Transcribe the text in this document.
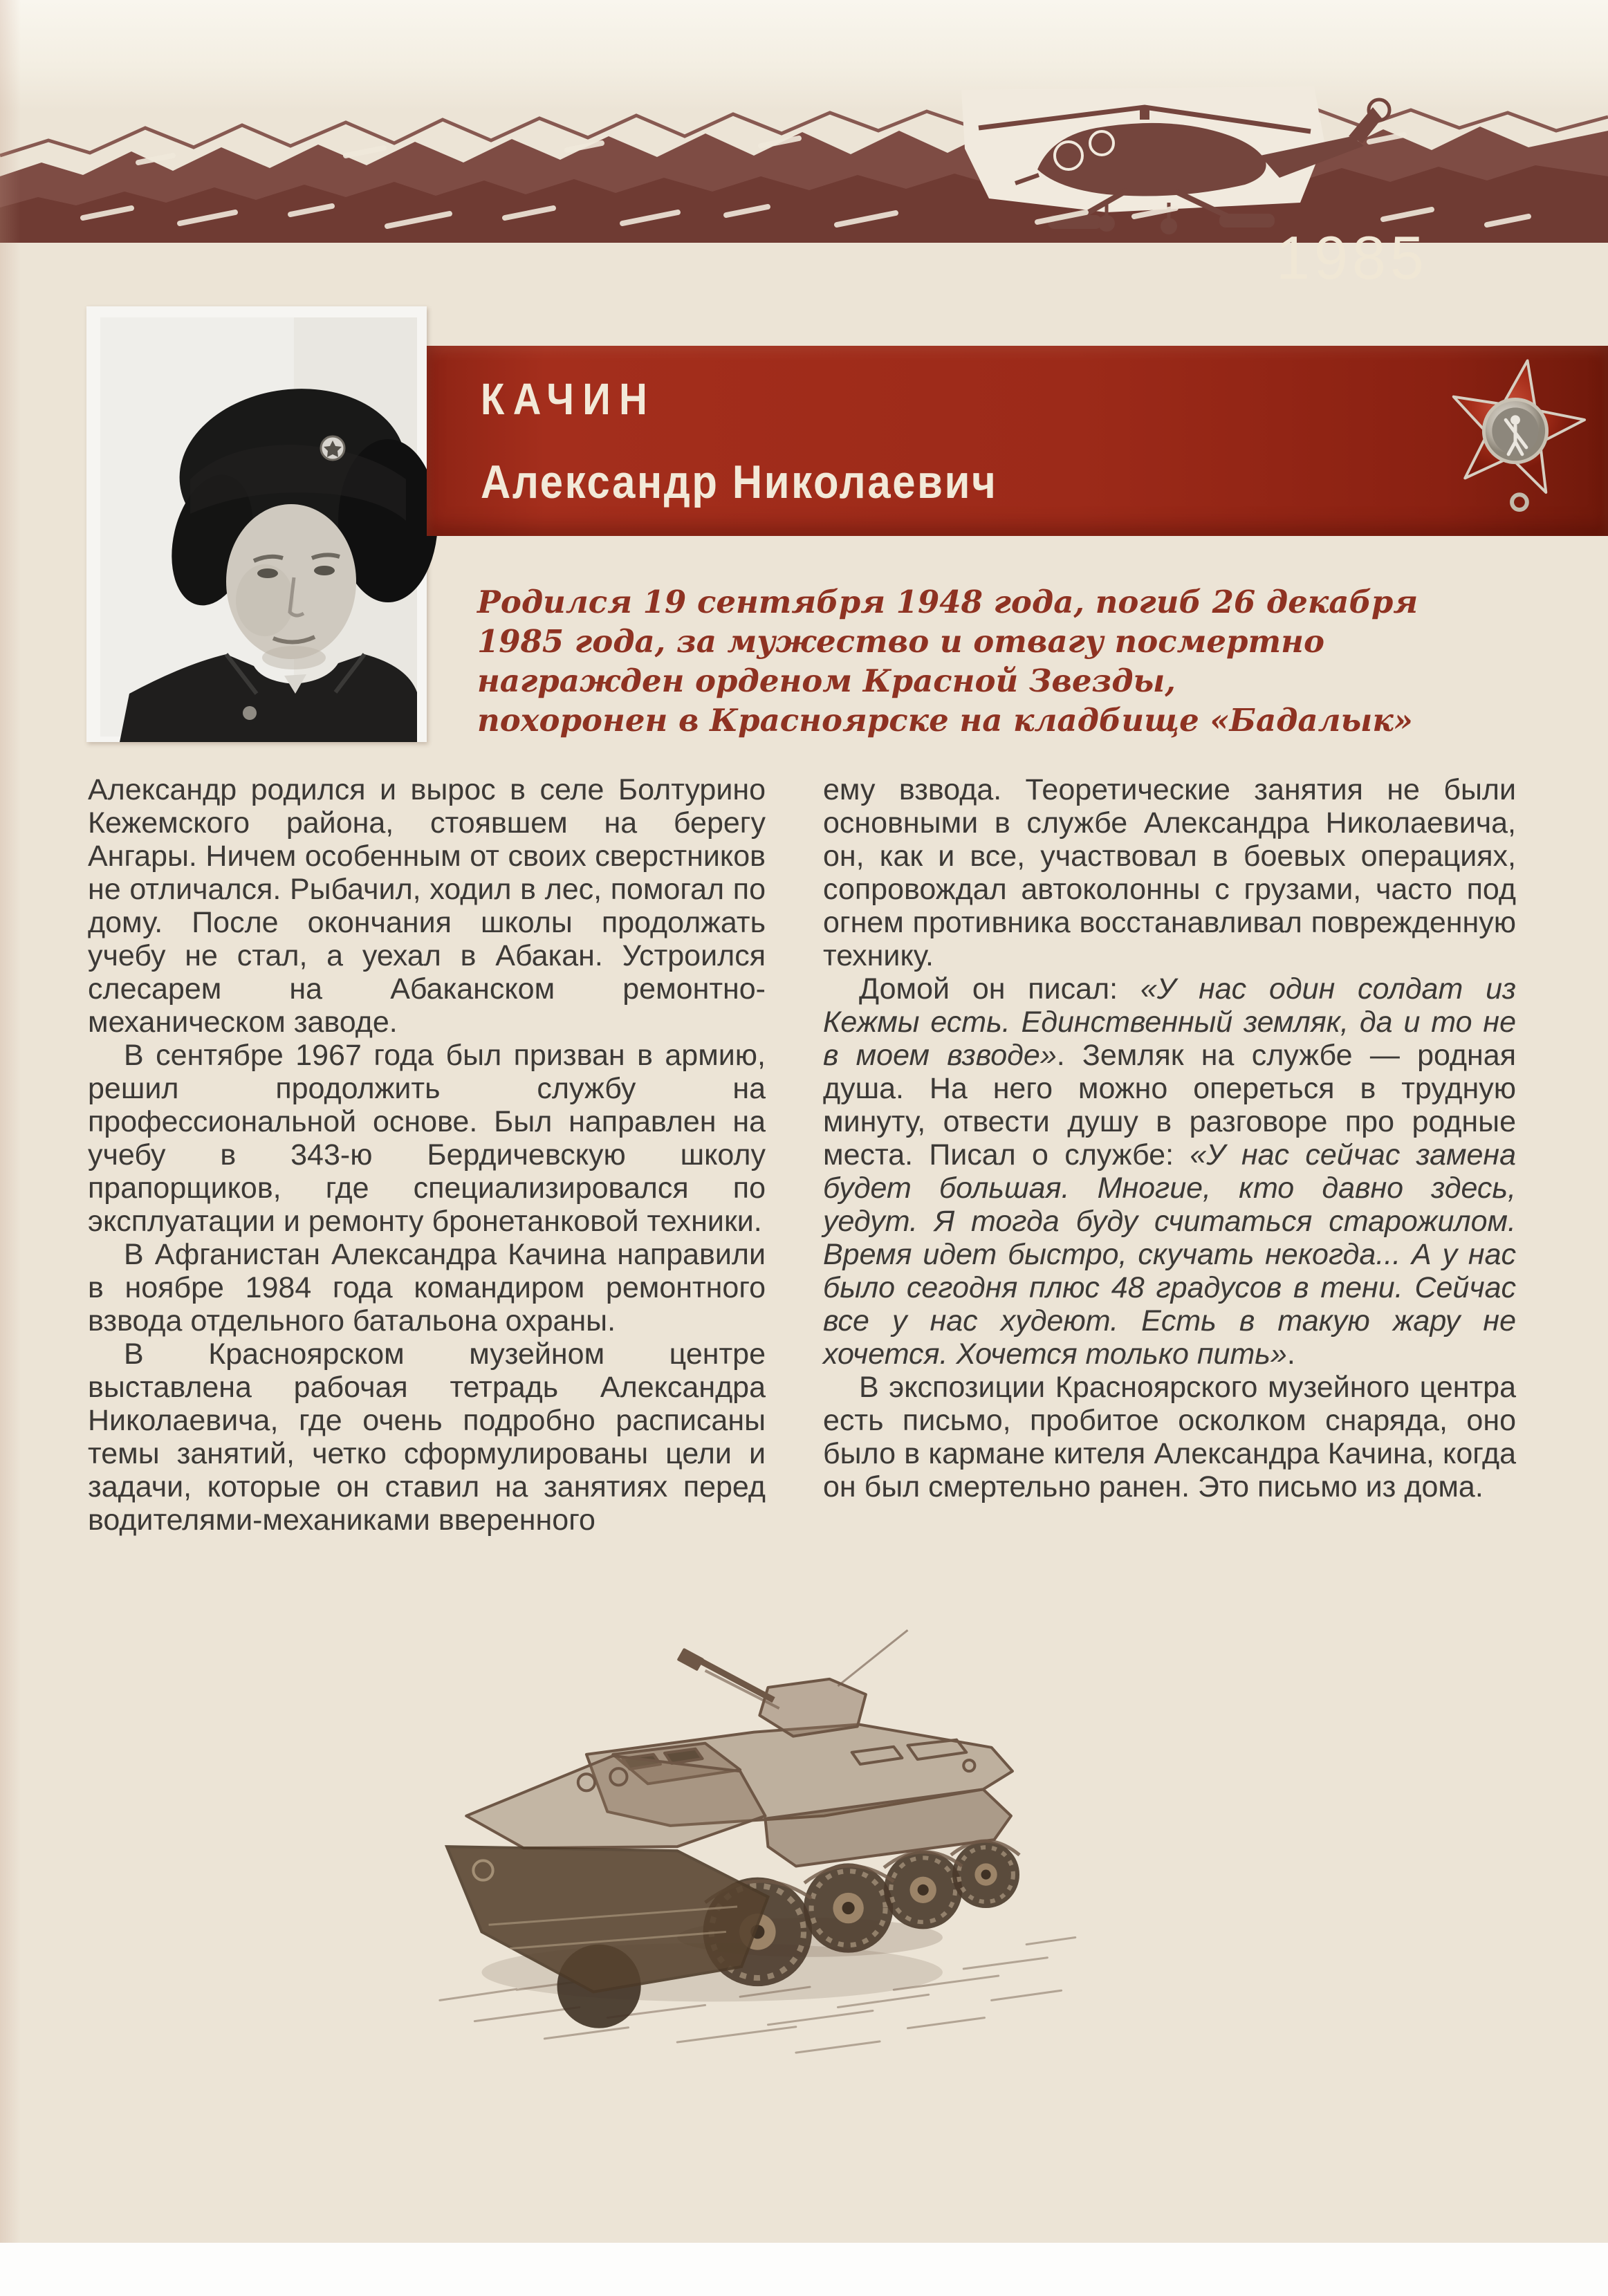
1985
КАЧИН
Александр Николаевич
Родился 19 сентября 1948 года, погиб 26 декабря
1985 года, за мужество и отвагу посмертно
награжден орденом Красной Звезды,
похоронен в Красноярске на кладбище «Бадалык»

Александр родился и вырос в селе Болтурино Кежемского района, стоявшем на берегу Ангары. Ничем особенным от своих сверстников не отличался. Рыбачил, ходил в лес, помогал по дому. После окончания школы продолжать учебу не стал, а уехал в Абакан. Устроился слесарем на Абаканском ремонтно-механическом заводе.

В сентябре 1967 года был призван в армию, решил продолжить службу на профессиональной основе. Был направлен на учебу в 343-ю Бердичевскую школу прапорщиков, где специализировался по эксплуатации и ремонту бронетанковой техники.

В Афганистан Александра Качина направили в ноябре 1984 года командиром ремонтного взвода отдельного батальона охраны.

В Красноярском музейном центре выставлена рабочая тетрадь Александра Николаевича, где очень подробно расписаны темы занятий, четко сформулированы цели и задачи, которые он ставил на занятиях перед водителями-механиками вверенного

ему взвода. Теоретические занятия не были основными в службе Александра Николаевича, он, как и все, участвовал в боевых операциях, сопровождал автоколонны с грузами, часто под огнем противника восстанавливал поврежденную технику.

Домой он писал: «У нас один солдат из Кежмы есть. Единственный земляк, да и то не в моем взводе». Земляк на службе — родная душа. На него можно опереться в трудную минуту, отвести душу в разговоре про родные места. Писал о службе: «У нас сейчас замена будет большая. Многие, кто давно здесь, уедут. Я тогда буду считаться старожилом. Время идет быстро, скучать некогда... А у нас было сегодня плюс 48 градусов в тени. Сейчас все у нас худеют. Есть в такую жару не хочется. Хочется только пить».

В экспозиции Красноярского музейного центра есть письмо, пробитое осколком снаряда, оно было в кармане кителя Александра Качина, когда он был смертельно ранен. Это письмо из дома.
